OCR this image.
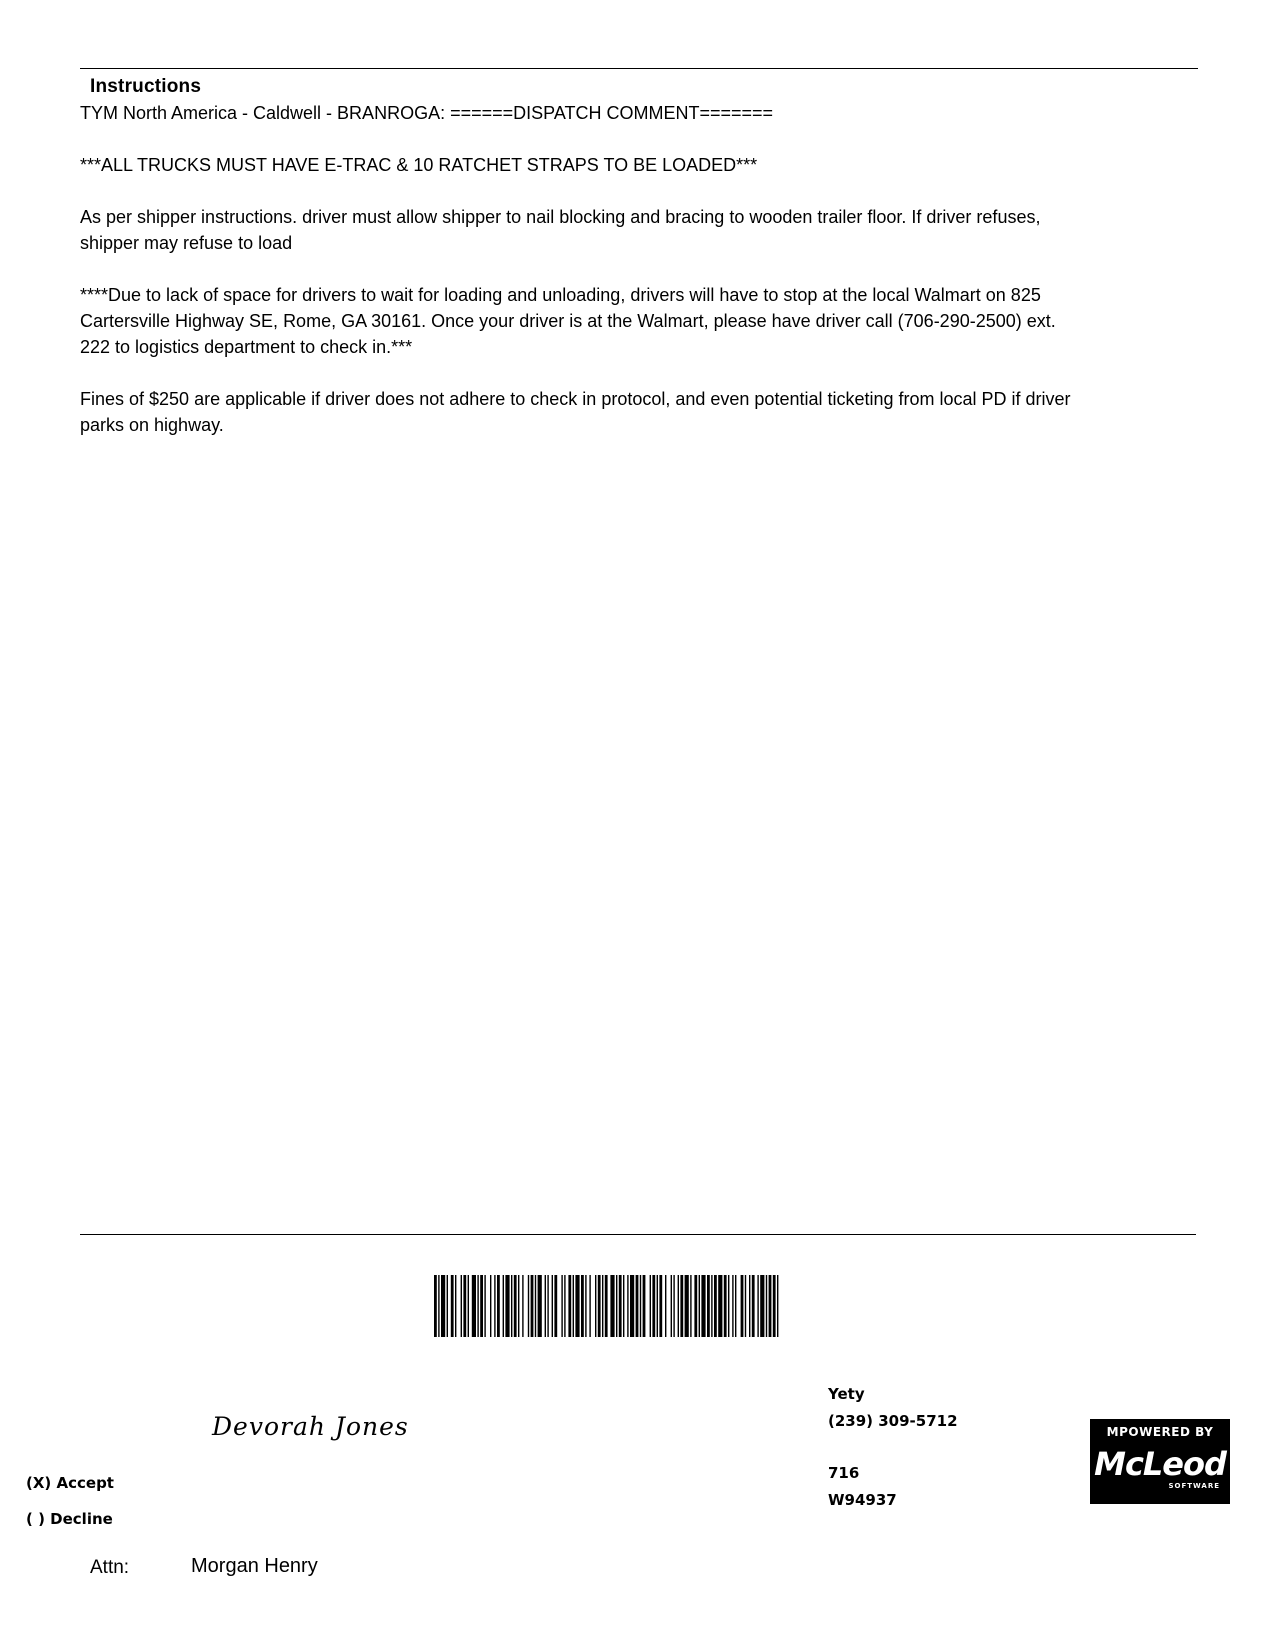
Instructions

TYM North America - Caldwell - BRANROGA: ======DISPATCH COMMENT=======

***ALL TRUCKS MUST HAVE E-TRAC & 10 RATCHET STRAPS TO BE LOADED***

As per shipper instructions. driver must allow shipper to nail blocking and bracing to wooden trailer floor. If driver refuses, shipper may refuse to load

****Due to lack of space for drivers to wait for loading and unloading, drivers will have to stop at the local Walmart on 825 Cartersville Highway SE, Rome, GA 30161. Once your driver is at the Walmart, please have driver call (706-290-2500) ext. 222 to logistics department to check in.***

Fines of $250 are applicable if driver does not adhere to check in protocol, and even potential ticketing from local PD if driver parks on highway.

Devorah Jones
(X) Accept
( ) Decline
Attn:	Morgan Henry
Yety
(239) 309-5712
716
W94937
MPOWERED BY
McLeod
SOFTWARE
